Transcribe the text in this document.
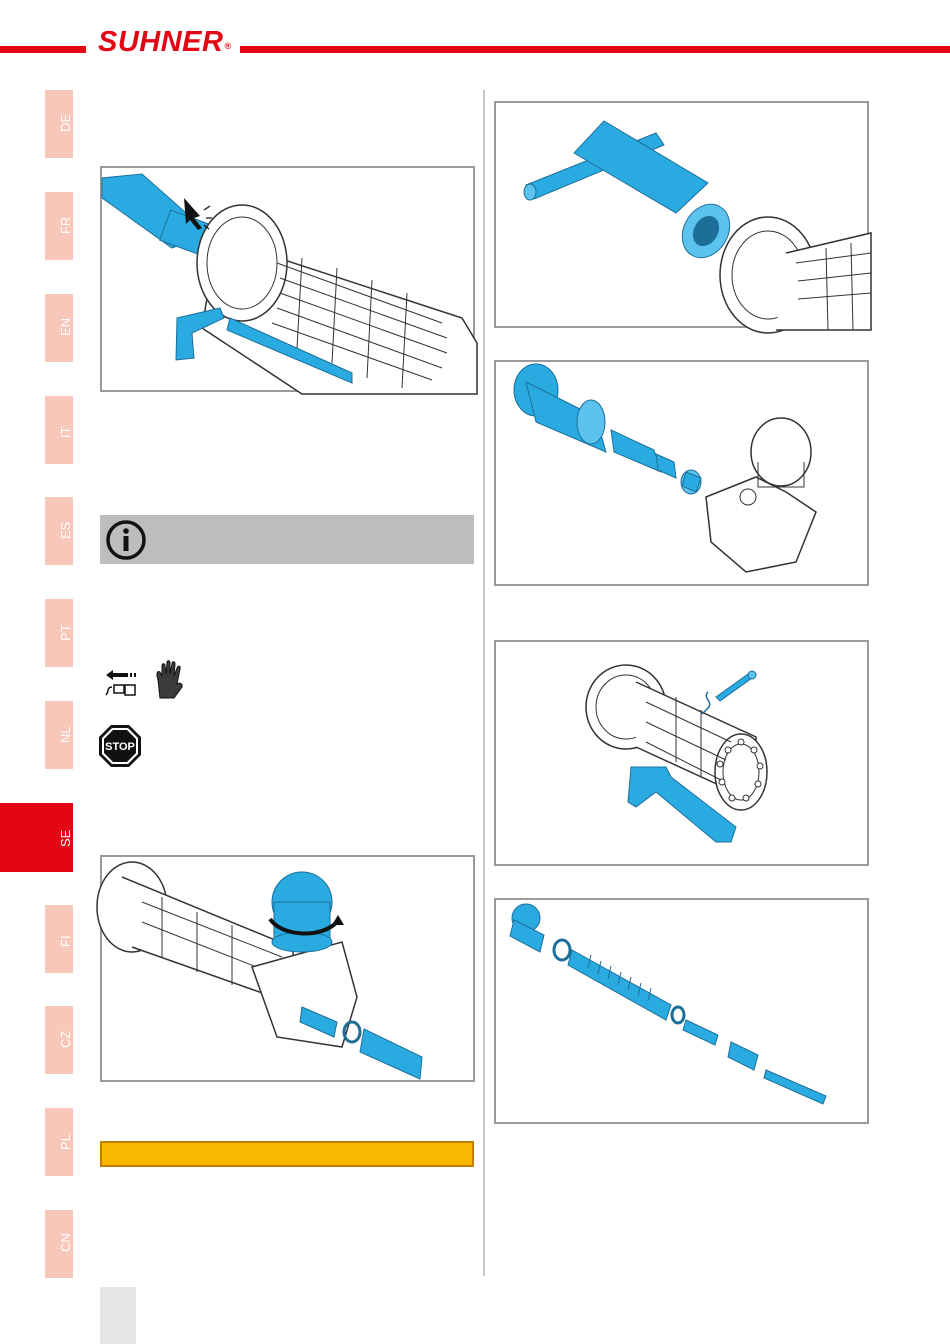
SUHNER®
DE
FR
EN
IT
ES
PT
NL
SE
FI
CZ
PL
CN
STOP
